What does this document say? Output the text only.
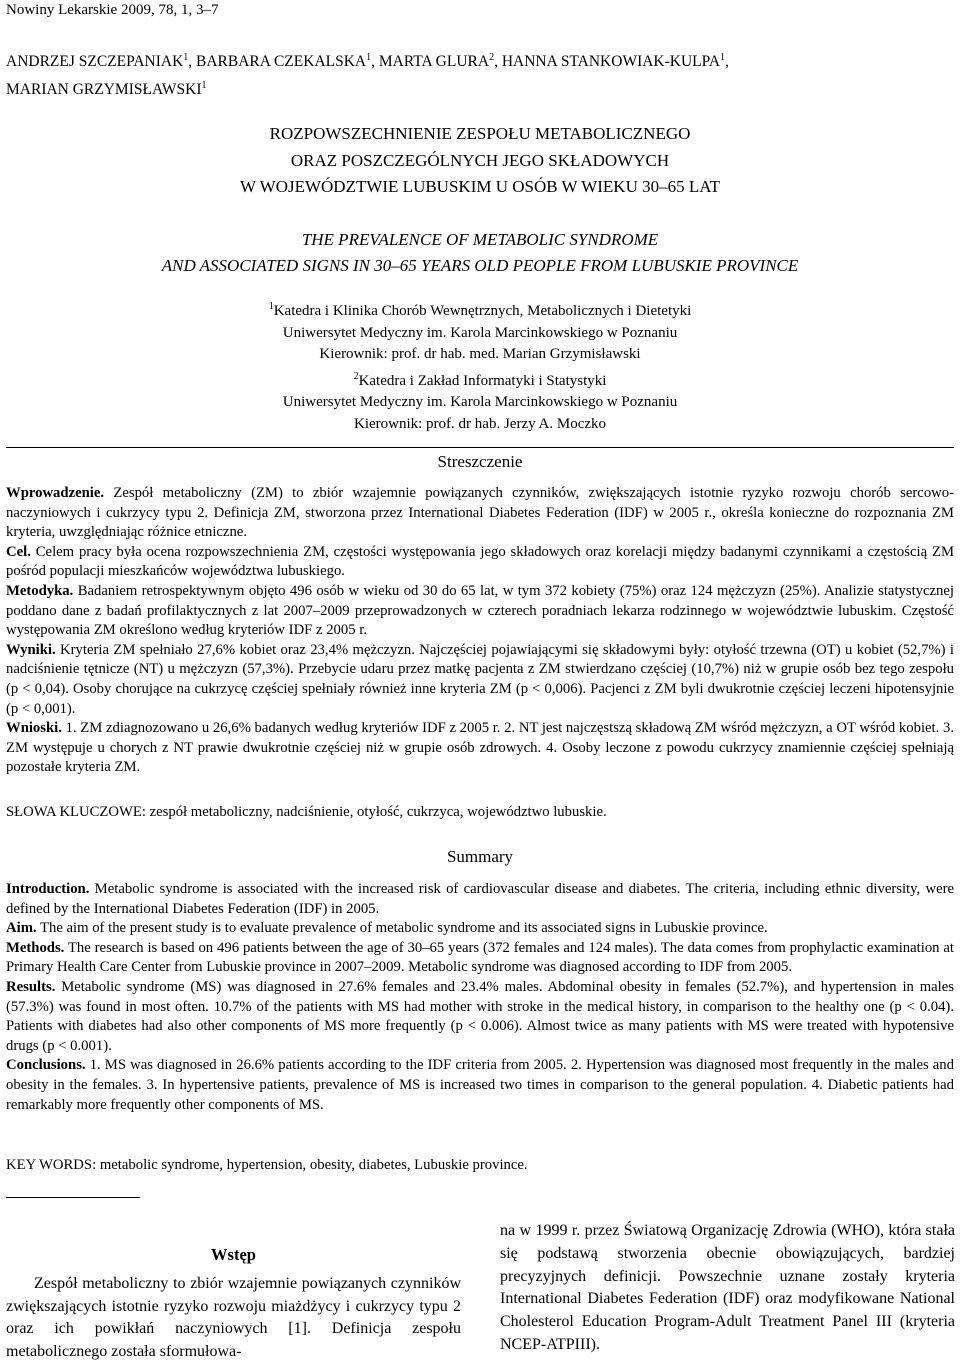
Nowiny Lekarskie 2009, 78, 1, 3–7
ANDRZEJ SZCZEPANIAK$^1$, BARBARA CZEKALSKA$^1$, MARTA GLURA$^2$, HANNA STANKOWIAK-KULPA$^1$,
MARIAN GRZYMISŁAWSKI$^1$
ROZPOWSZECHNIENIE ZESPOŁU METABOLICZNEGO
ORAZ POSZCZEGÓLNYCH JEGO SKŁADOWYCH
W WOJEWÓDZTWIE LUBUSKIM U OSÓB W WIEKU 30–65 LAT
THE PREVALENCE OF METABOLIC SYNDROME
AND ASSOCIATED SIGNS IN 30–65 YEARS OLD PEOPLE FROM LUBUSKIE PROVINCE
$^1$Katedra i Klinika Chorób Wewnętrznych, Metabolicznych i Dietetyki
Uniwersytet Medyczny im. Karola Marcinkowskiego w Poznaniu
Kierownik: prof. dr hab. med. Marian Grzymisławski
$^2$Katedra i Zakład Informatyki i Statystyki
Uniwersytet Medyczny im. Karola Marcinkowskiego w Poznaniu
Kierownik: prof. dr hab. Jerzy A. Moczko
Streszczenie
Wprowadzenie. Zespół metaboliczny (ZM) to zbiór wzajemnie powiązanych czynników, zwiększających istotnie ryzyko rozwoju chorób sercowo-naczyniowych i cukrzycy typu 2. Definicja ZM, stworzona przez International Diabetes Federation (IDF) w 2005 r., określa konieczne do rozpoznania ZM kryteria, uwzględniając różnice etniczne.
Cel. Celem pracy była ocena rozpowszechnienia ZM, częstości występowania jego składowych oraz korelacji między badanymi czynnikami a częstością ZM pośród populacji mieszkańców województwa lubuskiego.
Metodyka. Badaniem retrospektywnym objęto 496 osób w wieku od 30 do 65 lat, w tym 372 kobiety (75%) oraz 124 mężczyzn (25%). Analizie statystycznej poddano dane z badań profilaktycznych z lat 2007–2009 przeprowadzonych w czterech poradniach lekarza rodzinnego w województwie lubuskim. Częstość występowania ZM określono według kryteriów IDF z 2005 r.
Wyniki. Kryteria ZM spełniało 27,6% kobiet oraz 23,4% mężczyzn. Najczęściej pojawiającymi się składowymi były: otyłość trzewna (OT) u kobiet (52,7%) i nadciśnienie tętnicze (NT) u mężczyzn (57,3%). Przebycie udaru przez matkę pacjenta z ZM stwierdzano częściej (10,7%) niż w grupie osób bez tego zespołu (p < 0,04). Osoby chorujące na cukrzycę częściej spełniały również inne kryteria ZM (p < 0,006). Pacjenci z ZM byli dwukrotnie częściej leczeni hipotensyjnie (p < 0,001).
Wnioski. 1. ZM zdiagnozowano u 26,6% badanych według kryteriów IDF z 2005 r. 2. NT jest najczęstszą składową ZM wśród mężczyzn, a OT wśród kobiet. 3. ZM występuje u chorych z NT prawie dwukrotnie częściej niż w grupie osób zdrowych. 4. Osoby leczone z powodu cukrzycy znamiennie częściej spełniają pozostałe kryteria ZM.
SŁOWA KLUCZOWE: zespół metaboliczny, nadciśnienie, otyłość, cukrzyca, województwo lubuskie.
Summary
Introduction. Metabolic syndrome is associated with the increased risk of cardiovascular disease and diabetes. The criteria, including ethnic diversity, were defined by the International Diabetes Federation (IDF) in 2005.
Aim. The aim of the present study is to evaluate prevalence of metabolic syndrome and its associated signs in Lubuskie province.
Methods. The research is based on 496 patients between the age of 30–65 years (372 females and 124 males). The data comes from prophylactic examination at Primary Health Care Center from Lubuskie province in 2007–2009. Metabolic syndrome was diagnosed according to IDF from 2005.
Results. Metabolic syndrome (MS) was diagnosed in 27.6% females and 23.4% males. Abdominal obesity in females (52.7%), and hypertension in males (57.3%) was found in most often. 10.7% of the patients with MS had mother with stroke in the medical history, in comparison to the healthy one (p < 0.04). Patients with diabetes had also other components of MS more frequently (p < 0.006). Almost twice as many patients with MS were treated with hypotensive drugs (p < 0.001).
Conclusions. 1. MS was diagnosed in 26.6% patients according to the IDF criteria from 2005. 2. Hypertension was diagnosed most frequently in the males and obesity in the females. 3. In hypertensive patients, prevalence of MS is increased two times in comparison to the general population. 4. Diabetic patients had remarkably more frequently other components of MS.
KEY WORDS: metabolic syndrome, hypertension, obesity, diabetes, Lubuskie province.
Wstęp
Zespół metaboliczny to zbiór wzajemnie powiązanych czynników zwiększających istotnie ryzyko rozwoju miażdżycy i cukrzycy typu 2 oraz ich powikłań naczyniowych [1]. Definicja zespołu metabolicznego została sformułowa-
na w 1999 r. przez Światową Organizację Zdrowia (WHO), która stała się podstawą stworzenia obecnie obowiązujących, bardziej precyzyjnych definicji. Powszechnie uznane zostały kryteria International Diabetes Federation (IDF) oraz modyfikowane National Cholesterol Education Program-Adult Treatment Panel III (kryteria NCEP-ATPIII).
